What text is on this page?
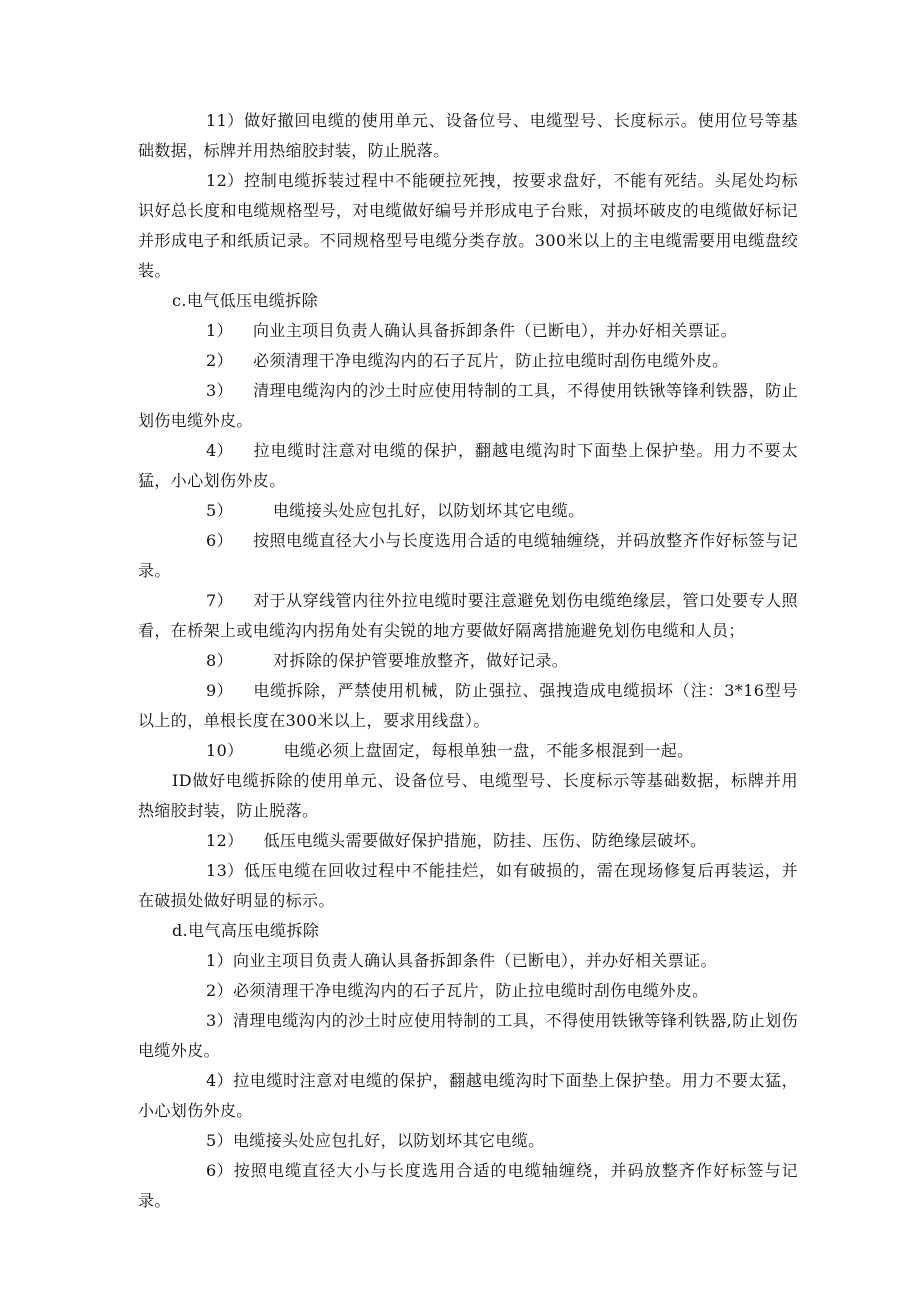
11）做好撤回电缆的使用单元、设备位号、电缆型号、长度标示。使用位号等基础数据，标牌并用热缩胶封装，防止脱落。

12）控制电缆拆装过程中不能硬拉死拽，按要求盘好，不能有死结。头尾处均标识好总长度和电缆规格型号，对电缆做好编号并形成电子台账，对损坏破皮的电缆做好标记并形成电子和纸质记录。不同规格型号电缆分类存放。300米以上的主电缆需要用电缆盘绞装。

c.电气低压电缆拆除

1） 向业主项目负责人确认具备拆卸条件（已断电），并办好相关票证。

2） 必须清理干净电缆沟内的石子瓦片，防止拉电缆时刮伤电缆外皮。

3） 清理电缆沟内的沙土时应使用特制的工具，不得使用铁锹等锋利铁器，防止划伤电缆外皮。

4） 拉电缆时注意对电缆的保护，翻越电缆沟时下面垫上保护垫。用力不要太猛，小心划伤外皮。

5）	电缆接头处应包扎好，以防划坏其它电缆。

6） 按照电缆直径大小与长度选用合适的电缆轴缠绕，并码放整齐作好标签与记录。

7） 对于从穿线管内往外拉电缆时要注意避免划伤电缆绝缘层，管口处要专人照看，在桥架上或电缆沟内拐角处有尖锐的地方要做好隔离措施避免划伤电缆和人员；

8）	对拆除的保护管要堆放整齐，做好记录。

9） 电缆拆除，严禁使用机械，防止强拉、强拽造成电缆损坏（注：3*16型号以上的，单根长度在300米以上，要求用线盘）。

10）	电缆必须上盘固定，每根单独一盘，不能多根混到一起。

ID做好电缆拆除的使用单元、设备位号、电缆型号、长度标示等基础数据，标牌并用热缩胶封装，防止脱落。

12） 低压电缆头需要做好保护措施，防挂、压伤、防绝缘层破坏。

13）低压电缆在回收过程中不能挂烂，如有破损的，需在现场修复后再装运，并在破损处做好明显的标示。

d.电气高压电缆拆除

1）向业主项目负责人确认具备拆卸条件（已断电），并办好相关票证。

2）必须清理干净电缆沟内的石子瓦片，防止拉电缆时刮伤电缆外皮。

3）清理电缆沟内的沙土时应使用特制的工具，不得使用铁锹等锋利铁器,防止划伤电缆外皮。

4）拉电缆时注意对电缆的保护，翻越电缆沟时下面垫上保护垫。用力不要太猛，小心划伤外皮。

5）电缆接头处应包扎好，以防划坏其它电缆。

6）按照电缆直径大小与长度选用合适的电缆轴缠绕，并码放整齐作好标签与记录。
